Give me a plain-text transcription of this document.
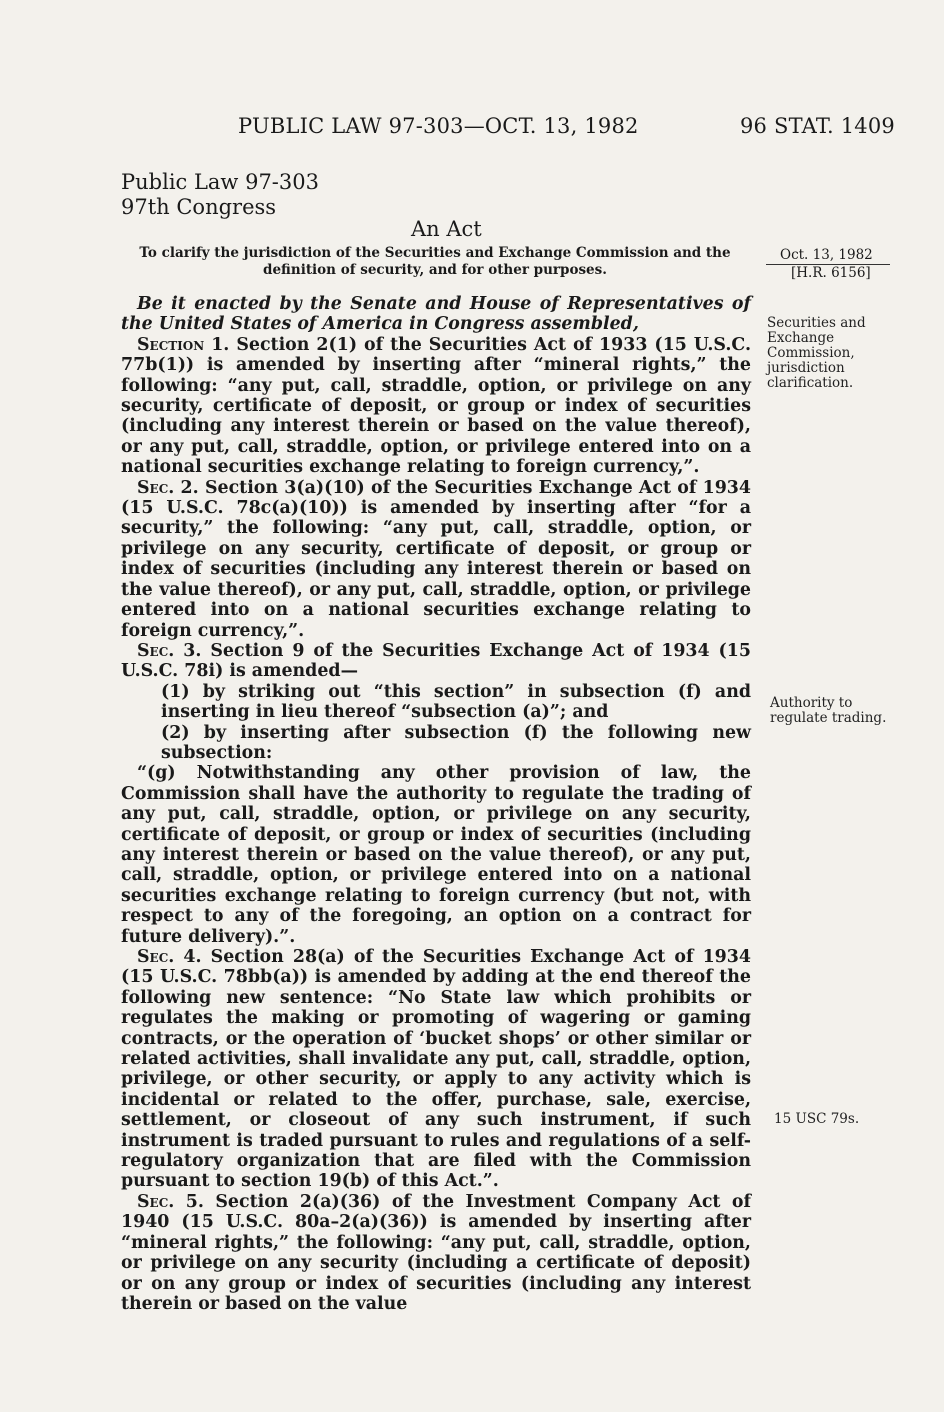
PUBLIC LAW 97-303—OCT. 13, 1982	96 STAT. 1409
Public Law 97-303
97th Congress
An Act
To clarify the jurisdiction of the Securities and Exchange Commission and the
definition of security, and for other purposes.
Oct. 13, 1982
[H.R. 6156]

Be it enacted by the Senate and House of Representatives of the United States of America in Congress assembled,

Section 1. Section 2(1) of the Securities Act of 1933 (15 U.S.C. 77b(1)) is amended by inserting after “mineral rights,” the following: “any put, call, straddle, option, or privilege on any security, certificate of deposit, or group or index of securities (including any interest therein or based on the value thereof), or any put, call, straddle, option, or privilege entered into on a national securities exchange relating to foreign currency,”.

Sec. 2. Section 3(a)(10) of the Securities Exchange Act of 1934 (15 U.S.C. 78c(a)(10)) is amended by inserting after “for a security,” the following: “any put, call, straddle, option, or privilege on any security, certificate of deposit, or group or index of securities (including any interest therein or based on the value thereof), or any put, call, straddle, option, or privilege entered into on a national securities exchange relating to foreign currency,”.

Sec. 3. Section 9 of the Securities Exchange Act of 1934 (15 U.S.C. 78i) is amended—

(1) by striking out “this section” in subsection (f) and inserting in lieu thereof “subsection (a)”; and

(2) by inserting after subsection (f) the following new subsection:

“(g) Notwithstanding any other provision of law, the Commission shall have the authority to regulate the trading of any put, call, straddle, option, or privilege on any security, certificate of deposit, or group or index of securities (including any interest therein or based on the value thereof), or any put, call, straddle, option, or privilege entered into on a national securities exchange relating to foreign currency (but not, with respect to any of the foregoing, an option on a contract for future delivery).”.

Sec. 4. Section 28(a) of the Securities Exchange Act of 1934 (15 U.S.C. 78bb(a)) is amended by adding at the end thereof the following new sentence: “No State law which prohibits or regulates the making or promoting of wagering or gaming contracts, or the operation of ‘bucket shops’ or other similar or related activities, shall invalidate any put, call, straddle, option, privilege, or other security, or apply to any activity which is incidental or related to the offer, purchase, sale, exercise, settlement, or closeout of any such instrument, if such instrument is traded pursuant to rules and regulations of a self-regulatory organization that are filed with the Commission pursuant to section 19(b) of this Act.”.

Sec. 5. Section 2(a)(36) of the Investment Company Act of 1940 (15 U.S.C. 80a–2(a)(36)) is amended by inserting after “mineral rights,” the following: “any put, call, straddle, option, or privilege on any security (including a certificate of deposit) or on any group or index of securities (including any interest therein or based on the value

Securities and
Exchange
Commission,
jurisdiction
clarification.
Authority to
regulate trading.
15 USC 79s.
